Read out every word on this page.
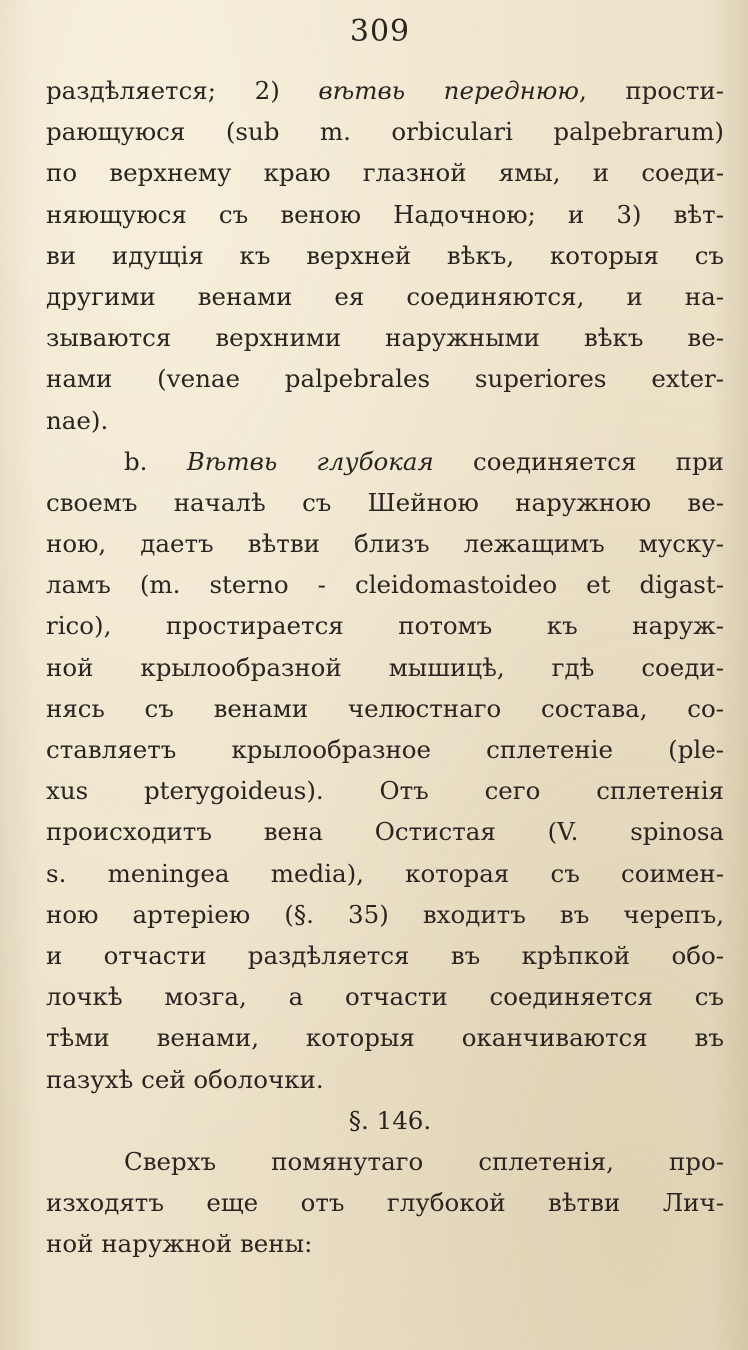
309
раздѣляется; 2) вѣтвь переднюю, прости-
рающуюся (sub m. orbiculari palpebrarum)
по верхнему краю глазной ямы, и соеди-
няющуюся съ веною Надочною; и 3) вѣт-
ви идущія къ верхней вѣкъ, которыя съ
другими венами ея соединяются, и на-
зываются верхними наружными вѣкъ ве-
нами (venae palpebrales superiores exter-
nae).
b. Вѣтвь глубокая соединяется при
своемъ началѣ съ Шейною наружною ве-
ною, даетъ вѣтви близъ лежащимъ муску-
ламъ (m. sterno - cleidomastoideo et digast-
rico), простирается потомъ къ наруж-
ной крылообразной мышицѣ, гдѣ соеди-
нясь съ венами челюстнаго состава, со-
ставляетъ крылообразное сплетеніе (ple-
xus pterygoideus). Отъ сего сплетенія
происходитъ вена Остистая (V. spinosa
s. meningea media), которая съ соимен-
ною артеріею (§. 35) входитъ въ черепъ,
и отчасти раздѣляется въ крѣпкой обо-
лочкѣ мозга, а отчасти соединяется съ
тѣми венами, которыя оканчиваются въ
пазухѣ сей оболочки.
§. 146.
Сверхъ помянутаго сплетенія, про-
изходятъ еще отъ глубокой вѣтви Лич-
ной наружной вены:
